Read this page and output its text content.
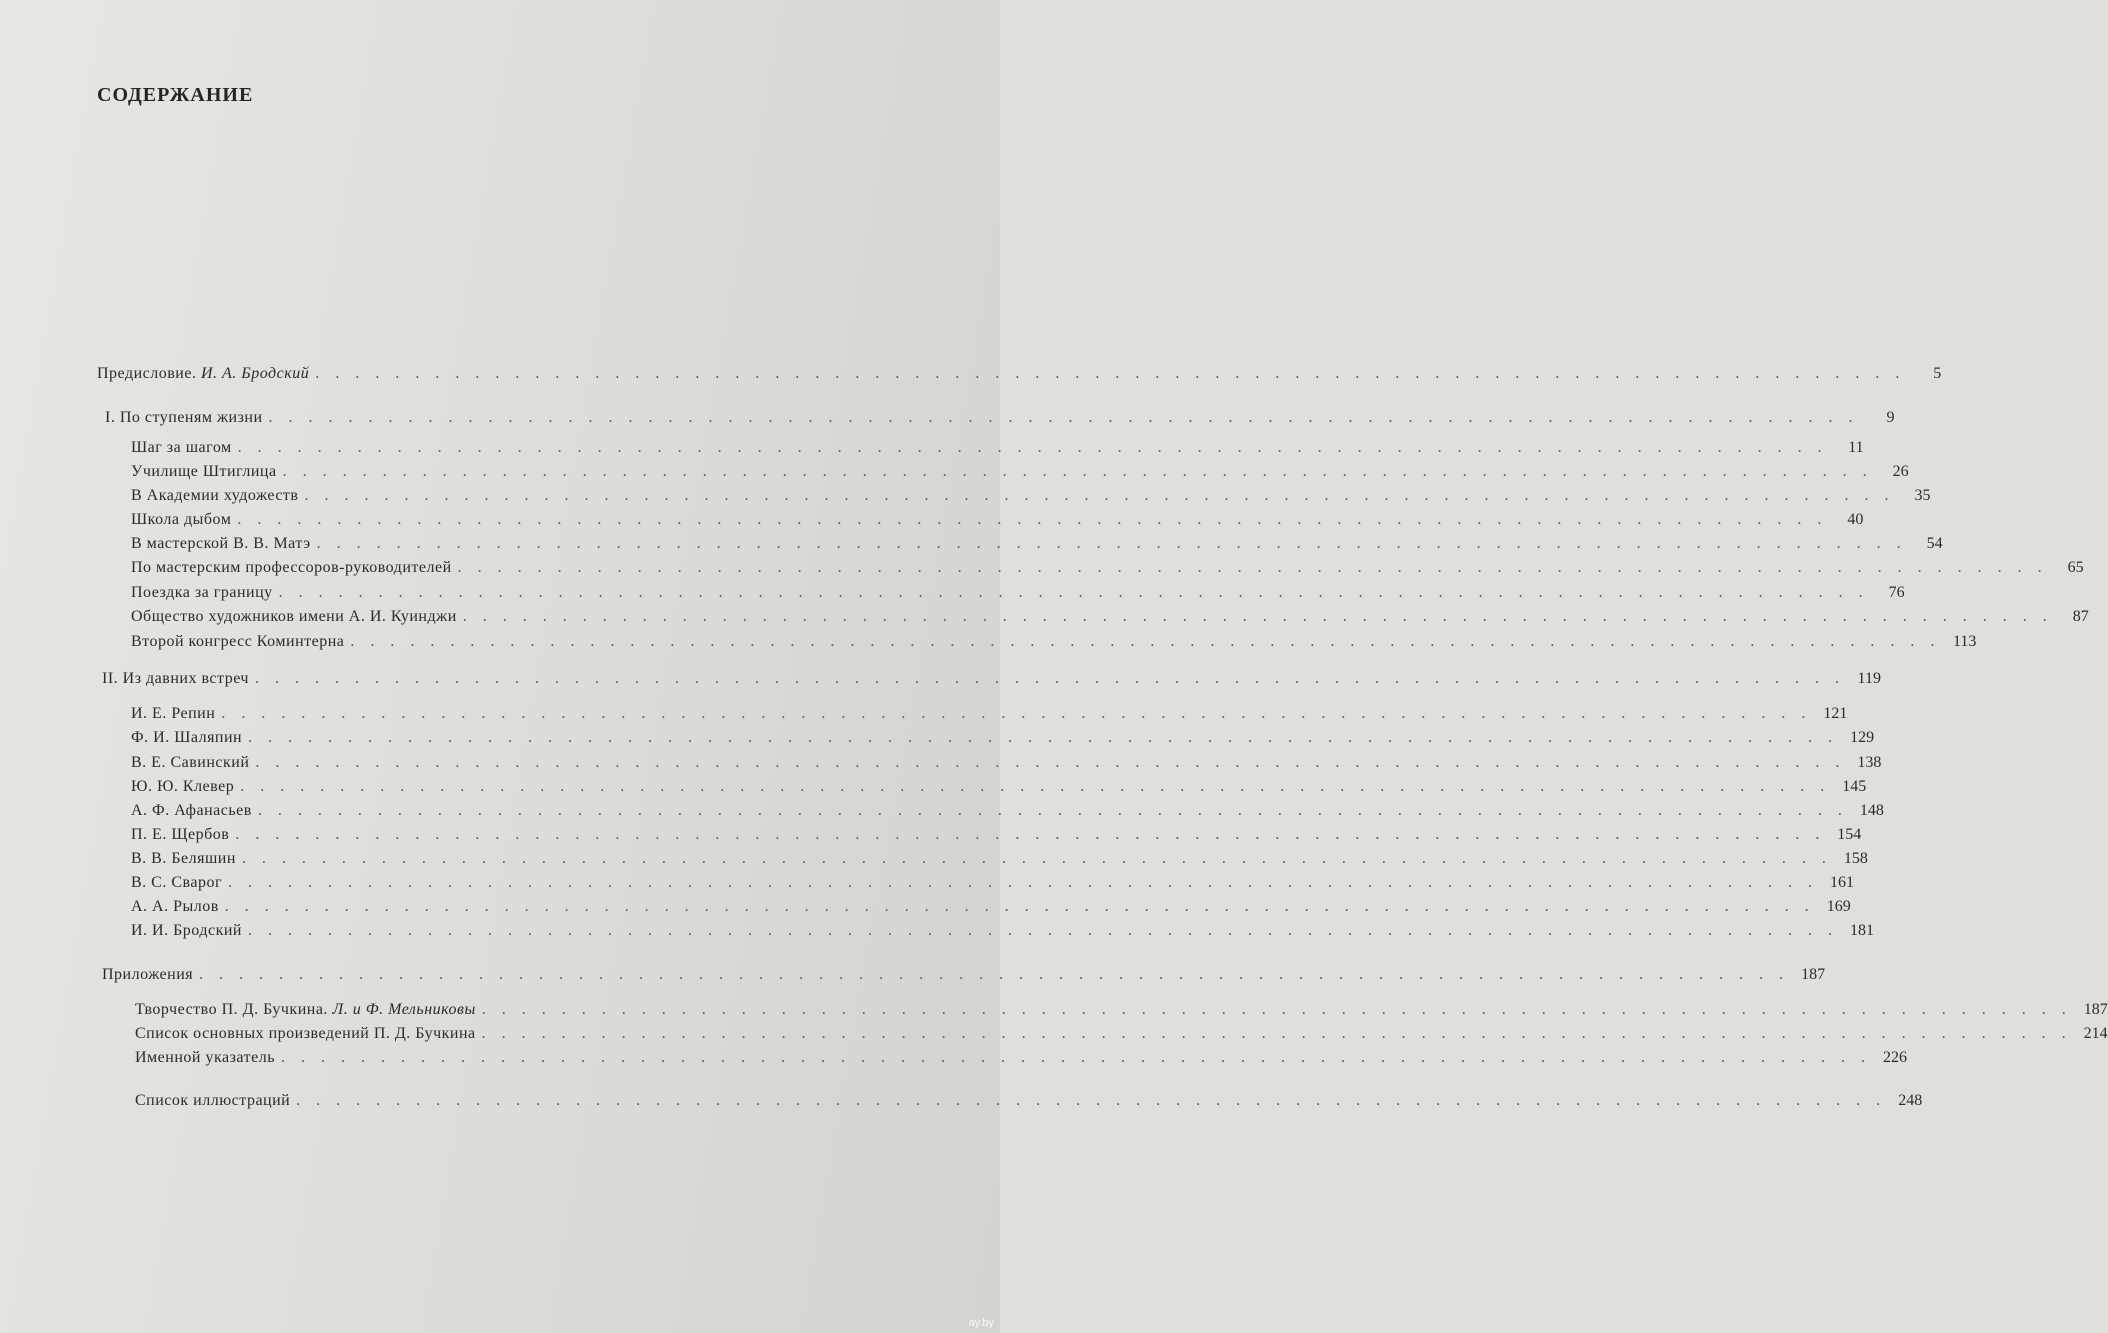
СОДЕРЖАНИЕ
Предисловие. И. А. Бродский . . . . . . . . . . . . . . . . . . . . . . . . . . . . . . . . . . . . . . . . . . . . . . . . . . . . . . . . . . . . . . . . . . . . . . . . . . . . . . . .	5
I. По ступеням жизни . . . . . . . . . . . . . . . . . . . . . . . . . . . . . . . . . . . . . . . . . . . . . . . . . . . . . . . . . . . . . . . . . . . . . . . . . . . . . . . .	9
Шаг за шагом . . . . . . . . . . . . . . . . . . . . . . . . . . . . . . . . . . . . . . . . . . . . . . . . . . . . . . . . . . . . . . . . . . . . . . . . . . . . . . . .	11
Училище Штиглица . . . . . . . . . . . . . . . . . . . . . . . . . . . . . . . . . . . . . . . . . . . . . . . . . . . . . . . . . . . . . . . . . . . . . . . . . . . . . . . .	26
В Академии художеств . . . . . . . . . . . . . . . . . . . . . . . . . . . . . . . . . . . . . . . . . . . . . . . . . . . . . . . . . . . . . . . . . . . . . . . . . . . . . . . .	35
Школа дыбом . . . . . . . . . . . . . . . . . . . . . . . . . . . . . . . . . . . . . . . . . . . . . . . . . . . . . . . . . . . . . . . . . . . . . . . . . . . . . . . .	40
В мастерской В. В. Матэ . . . . . . . . . . . . . . . . . . . . . . . . . . . . . . . . . . . . . . . . . . . . . . . . . . . . . . . . . . . . . . . . . . . . . . . . . . . . . . . .	54
По мастерским профессоров-руководителей . . . . . . . . . . . . . . . . . . . . . . . . . . . . . . . . . . . . . . . . . . . . . . . . . . . . . . . . . . . . . . . . . . . . . . . . . . . . . . . .	65
Поездка за границу . . . . . . . . . . . . . . . . . . . . . . . . . . . . . . . . . . . . . . . . . . . . . . . . . . . . . . . . . . . . . . . . . . . . . . . . . . . . . . . .	76
Общество художников имени А. И. Куинджи . . . . . . . . . . . . . . . . . . . . . . . . . . . . . . . . . . . . . . . . . . . . . . . . . . . . . . . . . . . . . . . . . . . . . . . . . . . . . . . .	87
Второй конгресс Коминтерна . . . . . . . . . . . . . . . . . . . . . . . . . . . . . . . . . . . . . . . . . . . . . . . . . . . . . . . . . . . . . . . . . . . . . . . . . . . . . . . . 113
II. Из давних встреч . . . . . . . . . . . . . . . . . . . . . . . . . . . . . . . . . . . . . . . . . . . . . . . . . . . . . . . . . . . . . . . . . . . . . . . . . . . . . . . . 119
И. Е. Репин . . . . . . . . . . . . . . . . . . . . . . . . . . . . . . . . . . . . . . . . . . . . . . . . . . . . . . . . . . . . . . . . . . . . . . . . . . . . . . . . 121
Ф. И. Шаляпин . . . . . . . . . . . . . . . . . . . . . . . . . . . . . . . . . . . . . . . . . . . . . . . . . . . . . . . . . . . . . . . . . . . . . . . . . . . . . . . . 129
В. Е. Савинский . . . . . . . . . . . . . . . . . . . . . . . . . . . . . . . . . . . . . . . . . . . . . . . . . . . . . . . . . . . . . . . . . . . . . . . . . . . . . . . . 138
Ю. Ю. Клевер . . . . . . . . . . . . . . . . . . . . . . . . . . . . . . . . . . . . . . . . . . . . . . . . . . . . . . . . . . . . . . . . . . . . . . . . . . . . . . . . 145
А. Ф. Афанасьев . . . . . . . . . . . . . . . . . . . . . . . . . . . . . . . . . . . . . . . . . . . . . . . . . . . . . . . . . . . . . . . . . . . . . . . . . . . . . . . . 148
П. Е. Щербов . . . . . . . . . . . . . . . . . . . . . . . . . . . . . . . . . . . . . . . . . . . . . . . . . . . . . . . . . . . . . . . . . . . . . . . . . . . . . . . . 154
В. В. Беляшин . . . . . . . . . . . . . . . . . . . . . . . . . . . . . . . . . . . . . . . . . . . . . . . . . . . . . . . . . . . . . . . . . . . . . . . . . . . . . . . . 158
В. С. Сварог . . . . . . . . . . . . . . . . . . . . . . . . . . . . . . . . . . . . . . . . . . . . . . . . . . . . . . . . . . . . . . . . . . . . . . . . . . . . . . . . 161
А. А. Рылов . . . . . . . . . . . . . . . . . . . . . . . . . . . . . . . . . . . . . . . . . . . . . . . . . . . . . . . . . . . . . . . . . . . . . . . . . . . . . . . . 169
И. И. Бродский . . . . . . . . . . . . . . . . . . . . . . . . . . . . . . . . . . . . . . . . . . . . . . . . . . . . . . . . . . . . . . . . . . . . . . . . . . . . . . . . 181
Приложения . . . . . . . . . . . . . . . . . . . . . . . . . . . . . . . . . . . . . . . . . . . . . . . . . . . . . . . . . . . . . . . . . . . . . . . . . . . . . . . . 187
Творчество П. Д. Бучкина. Л. и Ф. Мельниковы . . . . . . . . . . . . . . . . . . . . . . . . . . . . . . . . . . . . . . . . . . . . . . . . . . . . . . . . . . . . . . . . . . . . . . . . . . . . . . . . 187
Список основных произведений П. Д. Бучкина . . . . . . . . . . . . . . . . . . . . . . . . . . . . . . . . . . . . . . . . . . . . . . . . . . . . . . . . . . . . . . . . . . . . . . . . . . . . . . . . 214
Именной указатель . . . . . . . . . . . . . . . . . . . . . . . . . . . . . . . . . . . . . . . . . . . . . . . . . . . . . . . . . . . . . . . . . . . . . . . . . . . . . . . . 226
Список иллюстраций . . . . . . . . . . . . . . . . . . . . . . . . . . . . . . . . . . . . . . . . . . . . . . . . . . . . . . . . . . . . . . . . . . . . . . . . . . . . . . . . 248
ay.by
